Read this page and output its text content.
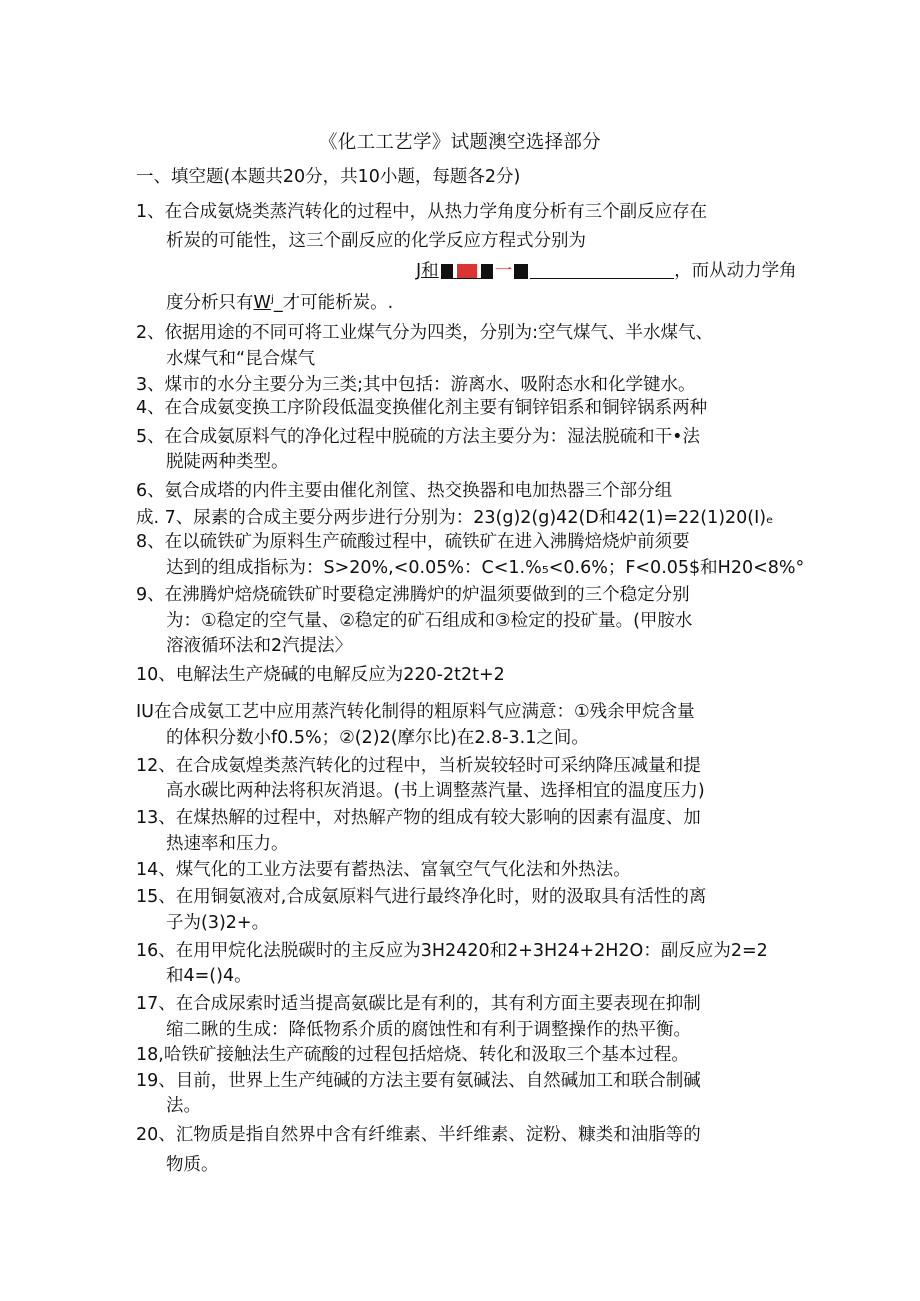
《化工工艺学》试题澳空选择部分
一、填空题(本题共20分，共10小题，每题各2分)
1、在合成氨烧类蒸汽转化的过程中，从热力学角度分析有三个副反应存在
析炭的可能性，这三个副反应的化学反应方程式分别为
J和	一	，而从动力学角
度分析只有Wʲ_才可能析炭。.
2、依据用途的不同可将工业煤气分为四类，分别为:空气煤气、半水煤气、
水煤气和“昆合煤气
3、煤市的水分主要分为三类;其中包括：游离水、吸附态水和化学键水。
4、在合成氨变换工序阶段低温变换催化剂主要有铜锌铝系和铜锌锅系两种
5、在合成氨原料气的净化过程中脱硫的方法主要分为：湿法脱硫和干•法
脱陡两种类型。
6、氨合成塔的内件主要由催化剂筐、热交换器和电加热器三个部分组
成. 7、尿素的合成主要分两步进行分别为：23(g)2(g)42(D和42(1)=22(1)20(I)ₑ
8、在以硫铁矿为原料生产硫酸过程中，硫铁矿在进入沸腾焙烧炉前须要
达到的组成指标为：S>20%,<0.05%：C<1.%₅<0.6%；F<0.05$和H20<8%°
9、在沸腾炉焙烧硫铁矿时要稳定沸腾炉的炉温须要做到的三个稳定分别
为：①稳定的空气量、②稳定的矿石组成和③检定的投矿量。(甲胺水
溶液循环法和2汽提法〉
10、电解法生产烧碱的电解反应为220-2t2t+2
IU在合成氨工艺中应用蒸汽转化制得的粗原料气应满意：①残余甲烷含量
的体积分数小f0.5%；②(2)2(摩尔比)在2.8-3.1之间。
12、在合成氨煌类蒸汽转化的过程中，当析炭较轻时可采纳降压减量和提
高水碳比两种法将积灰消退。(书上调整蒸汽量、选择相宜的温度压力)
13、在煤热解的过程中，对热解产物的组成有较大影响的因素有温度、加
热速率和压力。
14、煤气化的工业方法要有蓄热法、富氧空气气化法和外热法。
15、在用铜氨液对,合成氨原料气进行最终净化时，财的汲取具有活性的离
子为(3)2+。
16、在用甲烷化法脱碳时的主反应为3H2420和2+3H24+2H2O：副反应为2=2
和4=()4。
17、在合成尿索时适当提高氨碳比是有利的，其有利方面主要表现在抑制
缩二瞅的生成：降低物系介质的腐蚀性和有利于调整操作的热平衡。
18,哈铁矿接触法生产硫酸的过程包括焙烧、转化和汲取三个基本过程。
19、目前，世界上生产纯碱的方法主要有氨碱法、自然碱加工和联合制碱
法。
20、汇物质是指自然界中含有纤维素、半纤维素、淀粉、糠类和油脂等的
物质。
